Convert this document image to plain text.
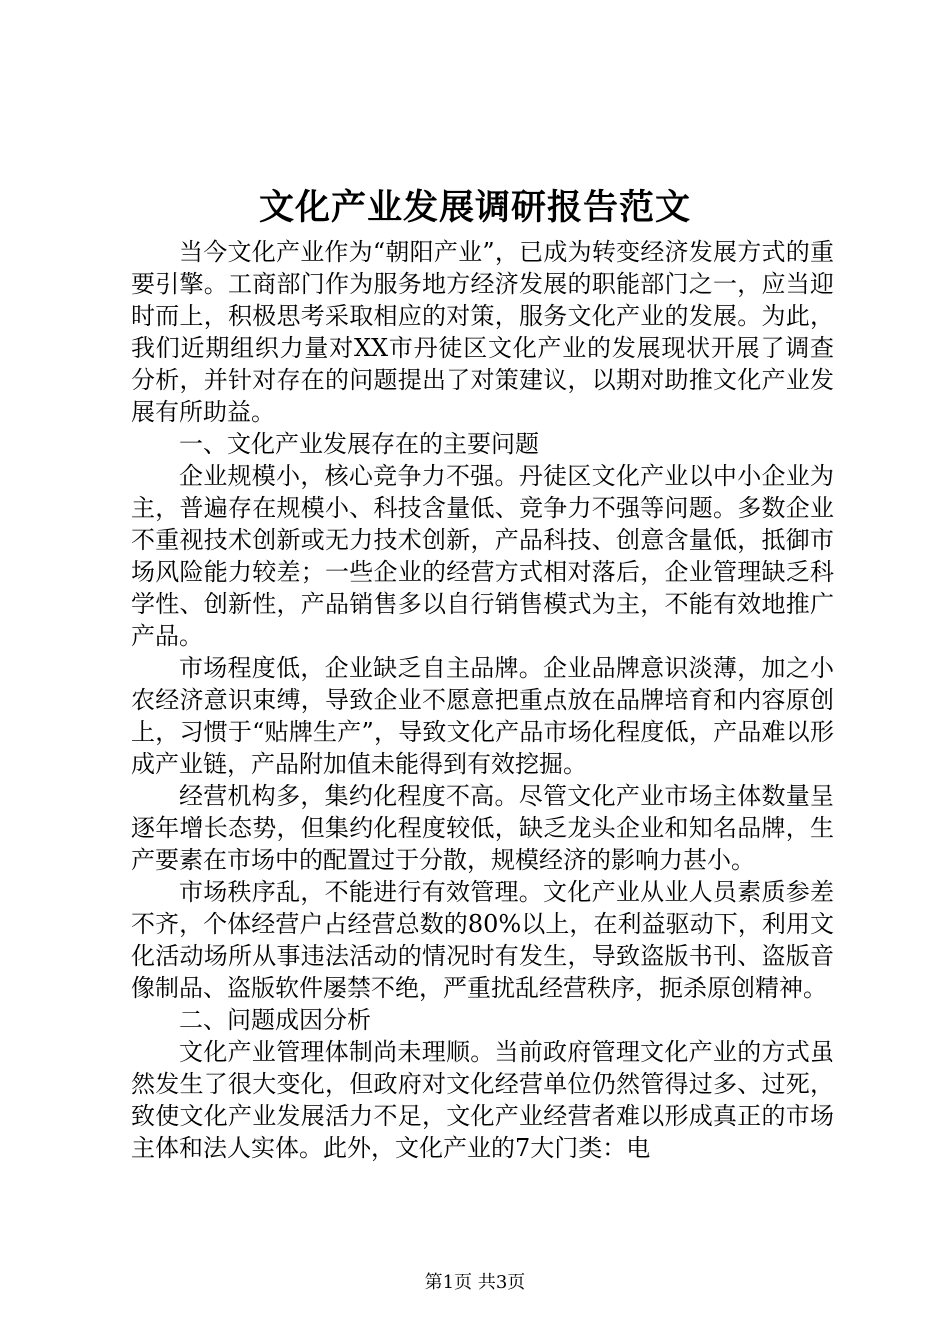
文化产业发展调研报告范文

当今文化产业作为“朝阳产业”，已成为转变经济发展方式的重要引擎。工商部门作为服务地方经济发展的职能部门之一，应当迎时而上，积极思考采取相应的对策，服务文化产业的发展。为此，我们近期组织力量对XX市丹徒区文化产业的发展现状开展了调查分析，并针对存在的问题提出了对策建议，以期对助推文化产业发展有所助益。

一、文化产业发展存在的主要问题

企业规模小，核心竞争力不强。丹徒区文化产业以中小企业为主，普遍存在规模小、科技含量低、竞争力不强等问题。多数企业不重视技术创新或无力技术创新，产品科技、创意含量低，抵御市场风险能力较差；一些企业的经营方式相对落后，企业管理缺乏科学性、创新性，产品销售多以自行销售模式为主，不能有效地推广产品。

市场程度低，企业缺乏自主品牌。企业品牌意识淡薄，加之小农经济意识束缚，导致企业不愿意把重点放在品牌培育和内容原创上，习惯于“贴牌生产”，导致文化产品市场化程度低，产品难以形成产业链，产品附加值未能得到有效挖掘。

经营机构多，集约化程度不高。尽管文化产业市场主体数量呈逐年增长态势，但集约化程度较低，缺乏龙头企业和知名品牌，生产要素在市场中的配置过于分散，规模经济的影响力甚小。

市场秩序乱，不能进行有效管理。文化产业从业人员素质参差不齐，个体经营户占经营总数的80%以上，在利益驱动下，利用文化活动场所从事违法活动的情况时有发生，导致盗版书刊、盗版音像制品、盗版软件屡禁不绝，严重扰乱经营秩序，扼杀原创精神。

二、问题成因分析

文化产业管理体制尚未理顺。当前政府管理文化产业的方式虽然发生了很大变化，但政府对文化经营单位仍然管得过多、过死，致使文化产业发展活力不足，文化产业经营者难以形成真正的市场主体和法人实体。此外，文化产业的7大门类：电

第1页 共3页
